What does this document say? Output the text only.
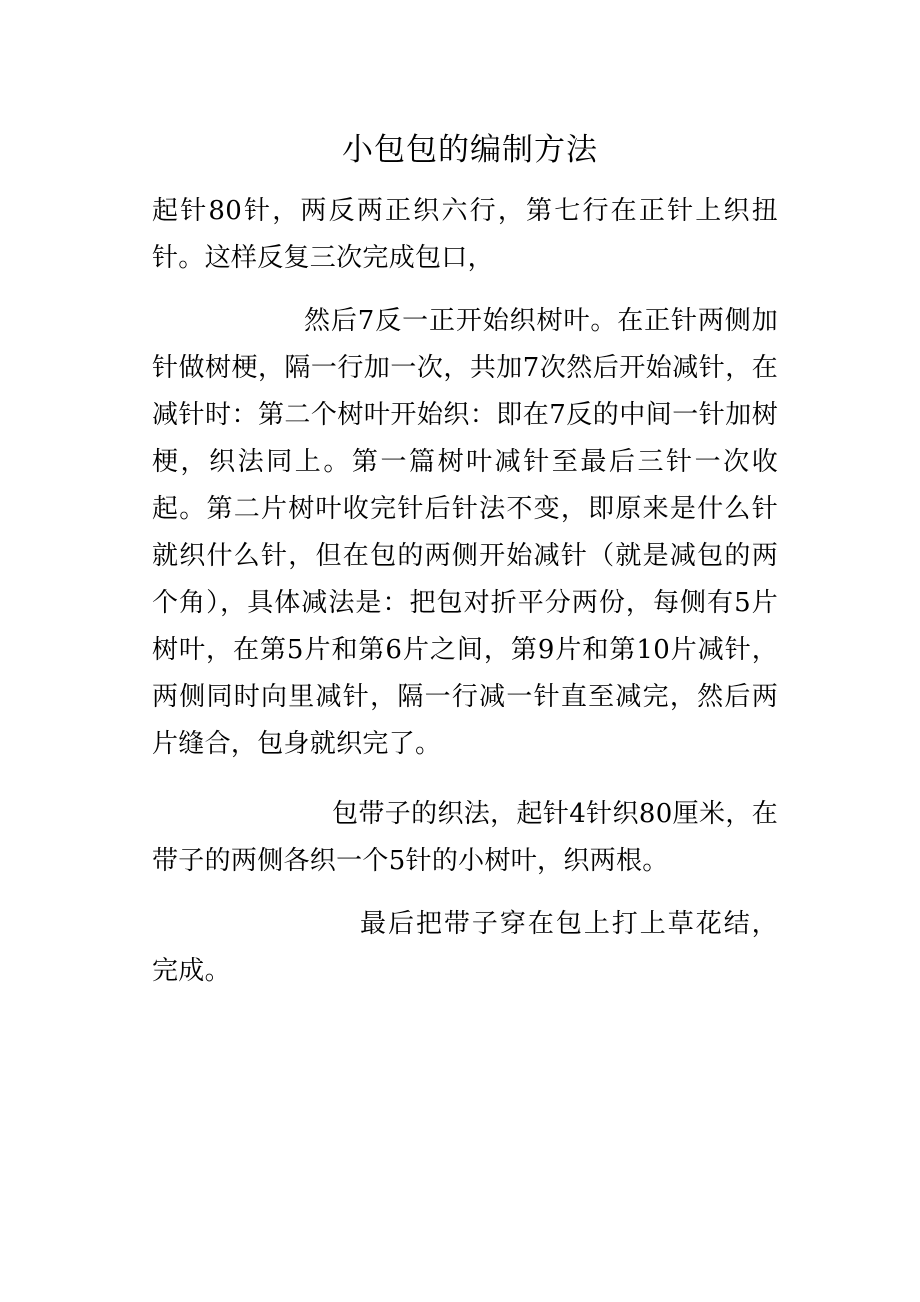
小包包的编制方法

起针80针，两反两正织六行，第七行在正针上织扭针。这样反复三次完成包口，

然后7反一正开始织树叶。在正针两侧加针做树梗，隔一行加一次，共加7次然后开始减针，在减针时：第二个树叶开始织：即在7反的中间一针加树梗，织法同上。第一篇树叶减针至最后三针一次收起。第二片树叶收完针后针法不变，即原来是什么针就织什么针，但在包的两侧开始减针（就是减包的两个角），具体减法是：把包对折平分两份，每侧有5片树叶，在第5片和第6片之间，第9片和第10片减针，两侧同时向里减针，隔一行减一针直至减完，然后两片缝合，包身就织完了。

包带子的织法，起针4针织80厘米，在带子的两侧各织一个5针的小树叶，织两根。

最后把带子穿在包上打上草花结，完成。
